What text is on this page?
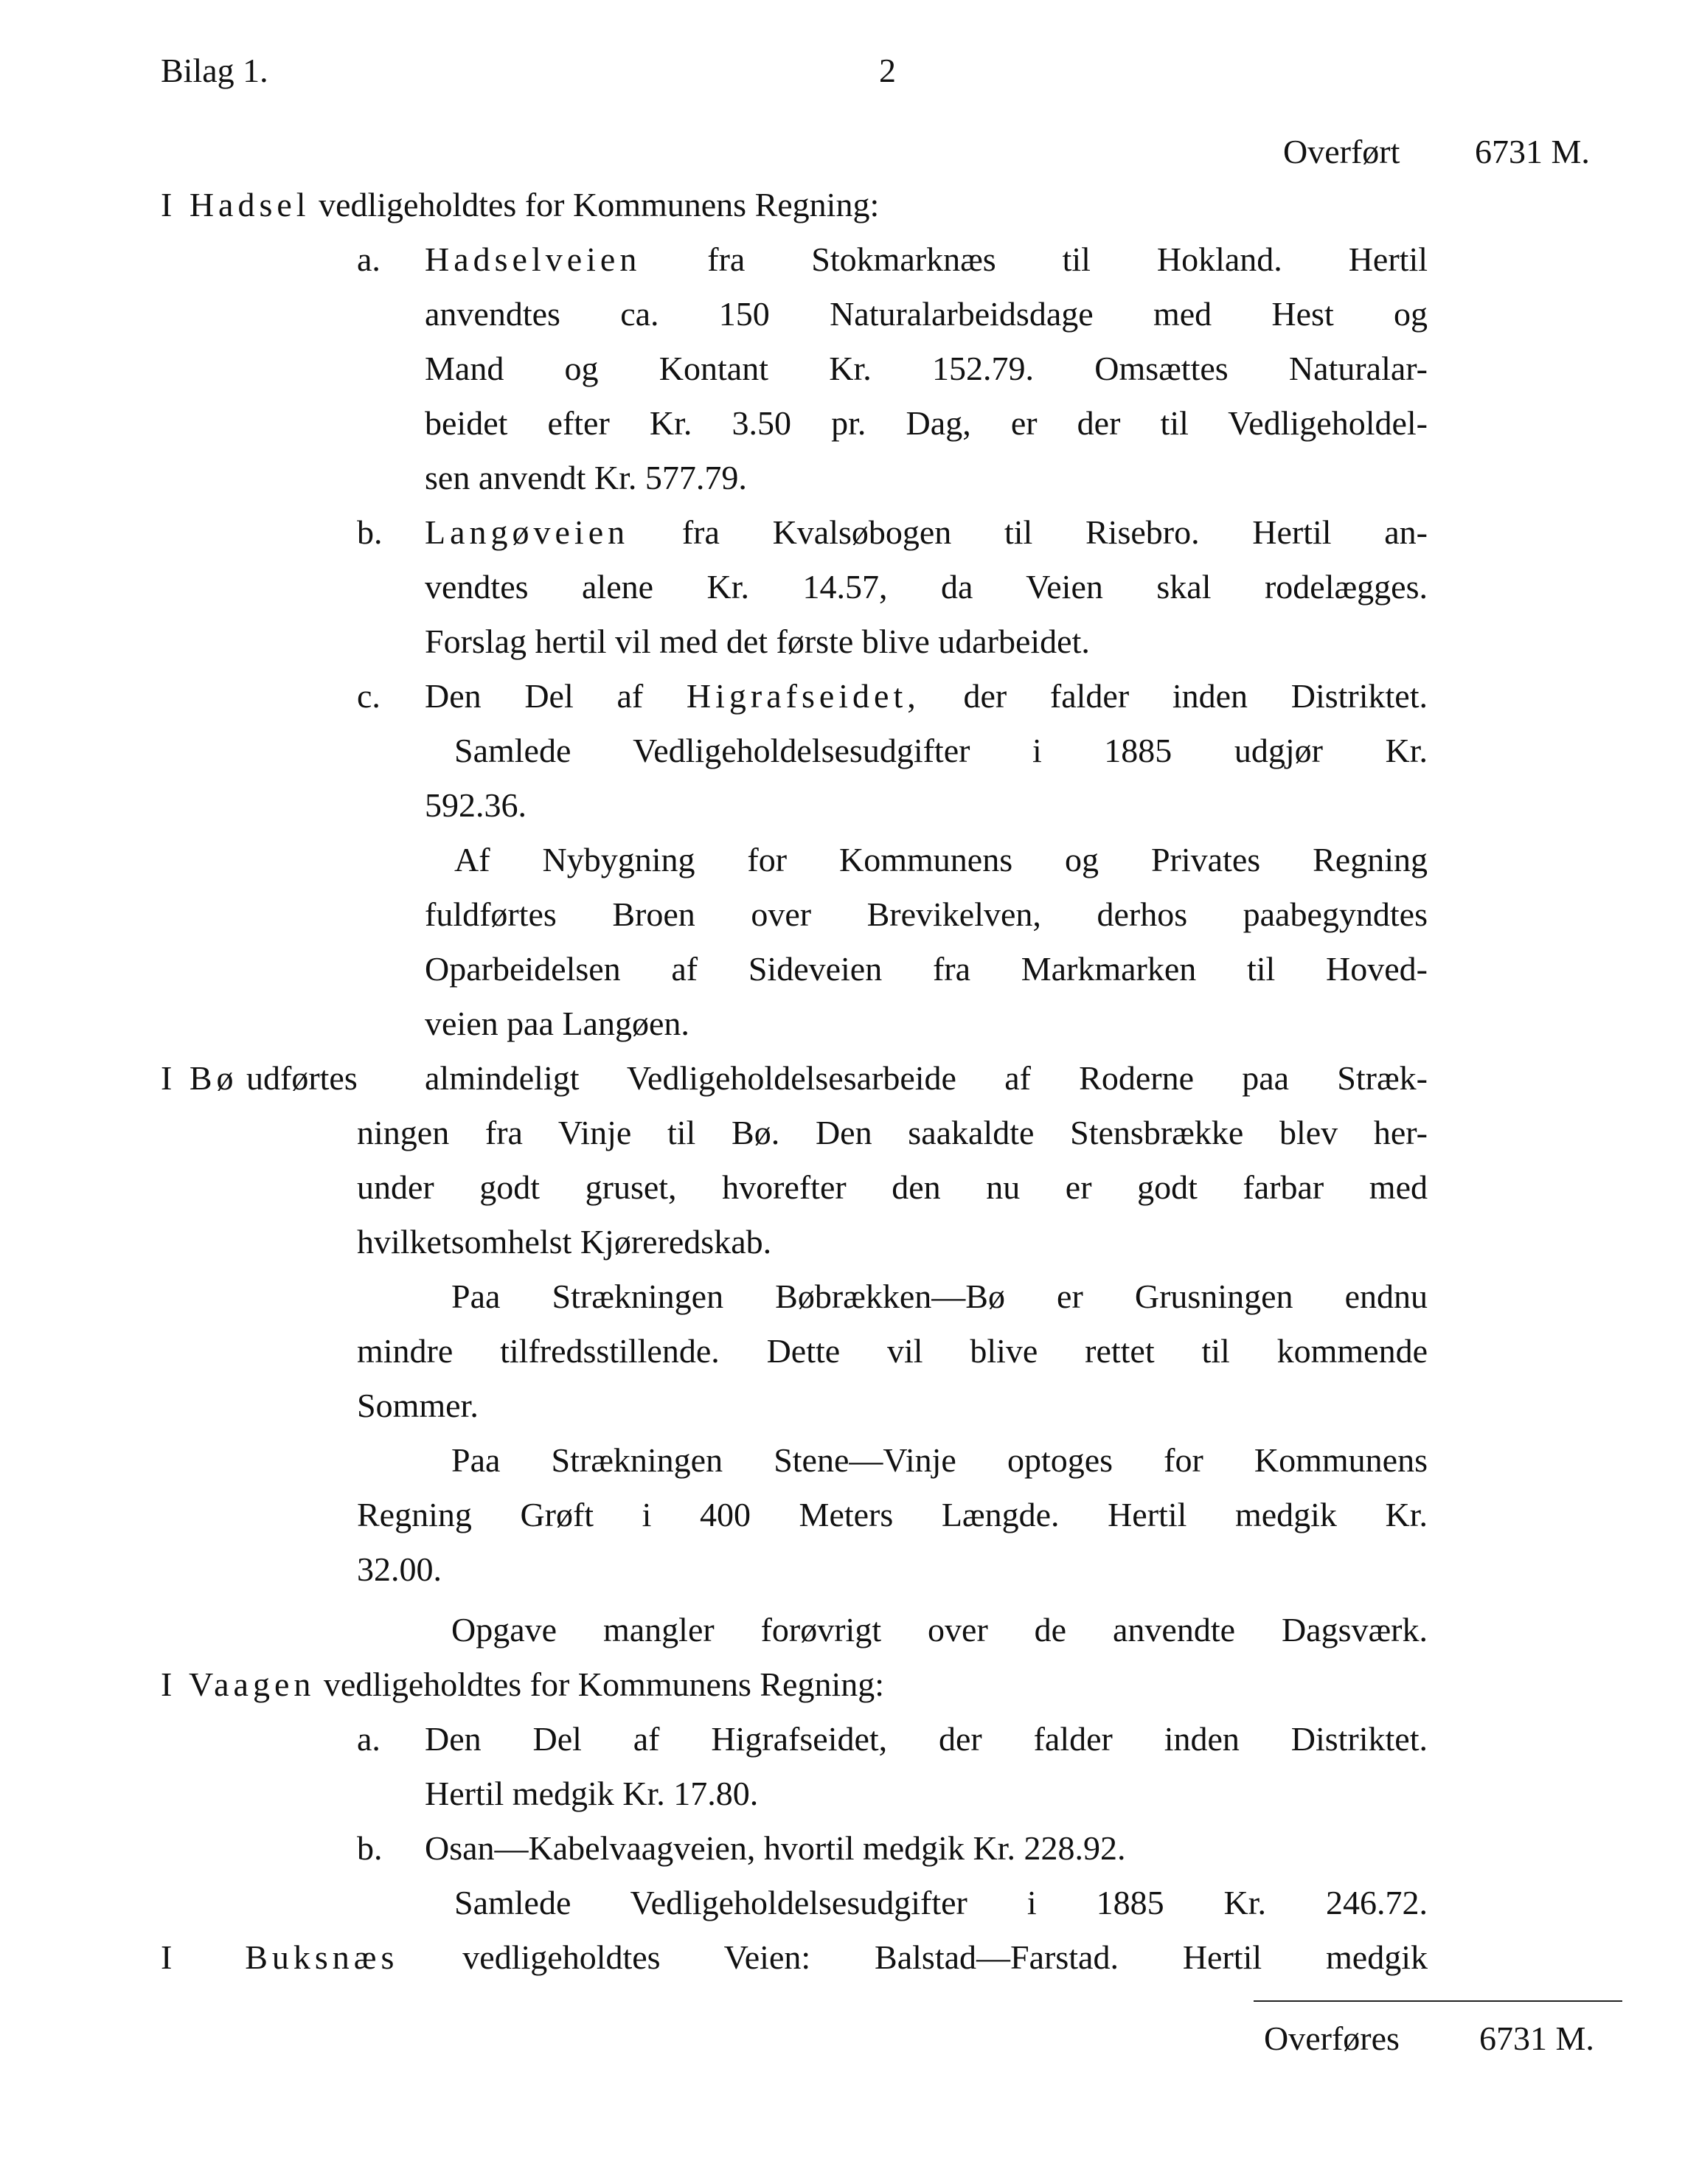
Bilag 1.	2
Overført 6731 M.
I Hadsel vedligeholdtes for Kommunens Regning:
a. Hadselveien fra Stokmarknæs til Hokland. Hertil
anvendtes ca. 150 Naturalarbeidsdage med Hest og
Mand og Kontant Kr. 152.79. Omsættes Naturalar-
beidet efter Kr. 3.50 pr. Dag, er der til Vedligeholdel-
sen anvendt Kr. 577.79.
b. Langøveien fra Kvalsøbogen til Risebro. Hertil an-
vendtes alene Kr. 14.57, da Veien skal rodelægges.
Forslag hertil vil med det første blive udarbeidet.
c. Den Del af Higrafseidet, der falder inden Distriktet.
Samlede Vedligeholdelsesudgifter i 1885 udgjør Kr.
592.36.
Af Nybygning for Kommunens og Privates Regning
fuldførtes Broen over Brevikelven, derhos paabegyndtes
Oparbeidelsen af Sideveien fra Markmarken til Hoved-
veien paa Langøen.
I Bø udførtes almindeligt Vedligeholdelsesarbeide af Roderne paa Stræk-
ningen fra Vinje til Bø. Den saakaldte Stensbrække blev her-
under godt gruset, hvorefter den nu er godt farbar med
hvilketsomhelst Kjøreredskab.
Paa Strækningen Bøbrækken—Bø er Grusningen endnu
mindre tilfredsstillende. Dette vil blive rettet til kommende
Sommer.
Paa Strækningen Stene—Vinje optoges for Kommunens
Regning Grøft i 400 Meters Længde. Hertil medgik Kr.
32.00.
Opgave mangler forøvrigt over de anvendte Dagsværk.
I Vaagen vedligeholdtes for Kommunens Regning:
a. Den Del af Higrafseidet, der falder inden Distriktet.
Hertil medgik Kr. 17.80.
b. Osan—Kabelvaagveien, hvortil medgik Kr. 228.92.
Samlede Vedligeholdelsesudgifter i 1885 Kr. 246.72.
I Buksnæs vedligeholdtes Veien: Balstad—Farstad. Hertil medgik
Overføres 6731 M.
